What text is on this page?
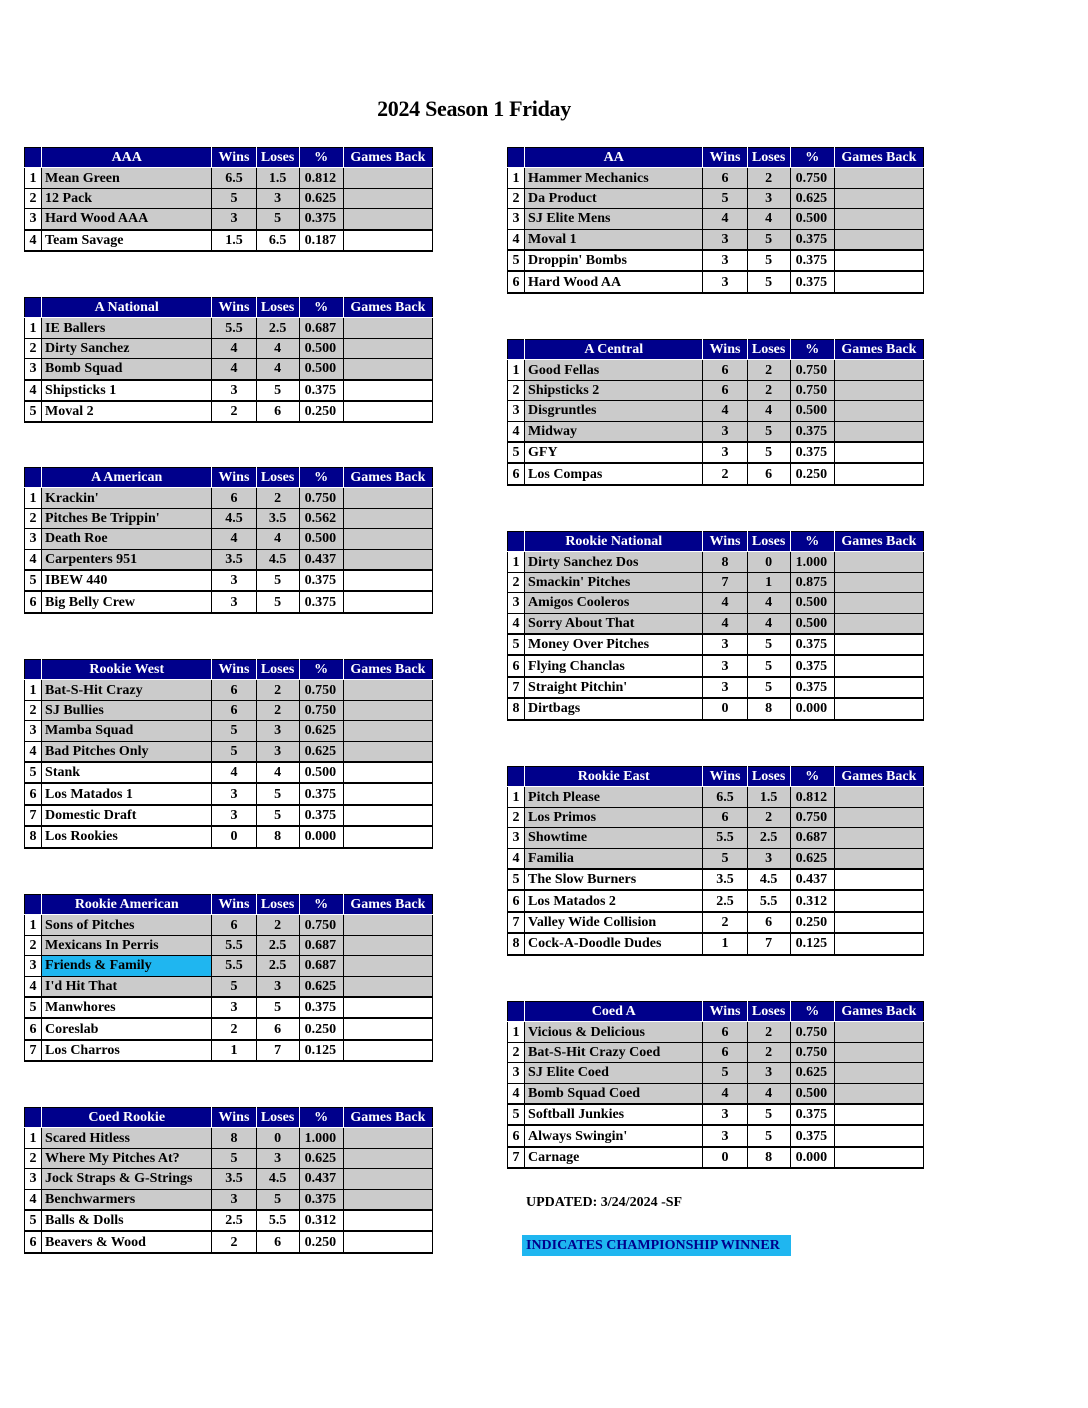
2024 Season 1 Friday
	AAA	Wins	Loses	%	Games Back
1	Mean Green	6.5	1.5	0.812	
2	12 Pack	5	3	0.625	
3	Hard Wood AAA	3	5	0.375	
4	Team Savage	1.5	6.5	0.187	
	A National	Wins	Loses	%	Games Back
1	IE Ballers	5.5	2.5	0.687	
2	Dirty Sanchez	4	4	0.500	
3	Bomb Squad	4	4	0.500	
4	Shipsticks 1	3	5	0.375	
5	Moval 2	2	6	0.250	
	A American	Wins	Loses	%	Games Back
1	Krackin'	6	2	0.750	
2	Pitches Be Trippin'	4.5	3.5	0.562	
3	Death Roe	4	4	0.500	
4	Carpenters 951	3.5	4.5	0.437	
5	IBEW 440	3	5	0.375	
6	Big Belly Crew	3	5	0.375	
	Rookie West	Wins	Loses	%	Games Back
1	Bat-S-Hit Crazy	6	2	0.750	
2	SJ Bullies	6	2	0.750	
3	Mamba Squad	5	3	0.625	
4	Bad Pitches Only	5	3	0.625	
5	Stank	4	4	0.500	
6	Los Matados 1	3	5	0.375	
7	Domestic Draft	3	5	0.375	
8	Los Rookies	0	8	0.000	
	Rookie American	Wins	Loses	%	Games Back
1	Sons of Pitches	6	2	0.750	
2	Mexicans In Perris	5.5	2.5	0.687	
3	Friends & Family	5.5	2.5	0.687	
4	I'd Hit That	5	3	0.625	
5	Manwhores	3	5	0.375	
6	Coreslab	2	6	0.250	
7	Los Charros	1	7	0.125	
	Coed Rookie	Wins	Loses	%	Games Back
1	Scared Hitless	8	0	1.000	
2	Where My Pitches At?	5	3	0.625	
3	Jock Straps & G-Strings	3.5	4.5	0.437	
4	Benchwarmers	3	5	0.375	
5	Balls & Dolls	2.5	5.5	0.312	
6	Beavers & Wood	2	6	0.250	
	AA	Wins	Loses	%	Games Back
1	Hammer Mechanics	6	2	0.750	
2	Da Product	5	3	0.625	
3	SJ Elite Mens	4	4	0.500	
4	Moval 1	3	5	0.375	
5	Droppin' Bombs	3	5	0.375	
6	Hard Wood AA	3	5	0.375	
	A Central	Wins	Loses	%	Games Back
1	Good Fellas	6	2	0.750	
2	Shipsticks 2	6	2	0.750	
3	Disgruntles	4	4	0.500	
4	Midway	3	5	0.375	
5	GFY	3	5	0.375	
6	Los Compas	2	6	0.250	
	Rookie National	Wins	Loses	%	Games Back
1	Dirty Sanchez Dos	8	0	1.000	
2	Smackin' Pitches	7	1	0.875	
3	Amigos Cooleros	4	4	0.500	
4	Sorry About That	4	4	0.500	
5	Money Over Pitches	3	5	0.375	
6	Flying Chanclas	3	5	0.375	
7	Straight Pitchin'	3	5	0.375	
8	Dirtbags	0	8	0.000	
	Rookie East	Wins	Loses	%	Games Back
1	Pitch Please	6.5	1.5	0.812	
2	Los Primos	6	2	0.750	
3	Showtime	5.5	2.5	0.687	
4	Familia	5	3	0.625	
5	The Slow Burners	3.5	4.5	0.437	
6	Los Matados 2	2.5	5.5	0.312	
7	Valley Wide Collision	2	6	0.250	
8	Cock-A-Doodle Dudes	1	7	0.125	
	Coed A	Wins	Loses	%	Games Back
1	Vicious & Delicious	6	2	0.750	
2	Bat-S-Hit Crazy Coed	6	2	0.750	
3	SJ Elite Coed	5	3	0.625	
4	Bomb Squad Coed	4	4	0.500	
5	Softball Junkies	3	5	0.375	
6	Always Swingin'	3	5	0.375	
7	Carnage	0	8	0.000	
UPDATED: 3/24/2024 -SF
INDICATES CHAMPIONSHIP WINNER
